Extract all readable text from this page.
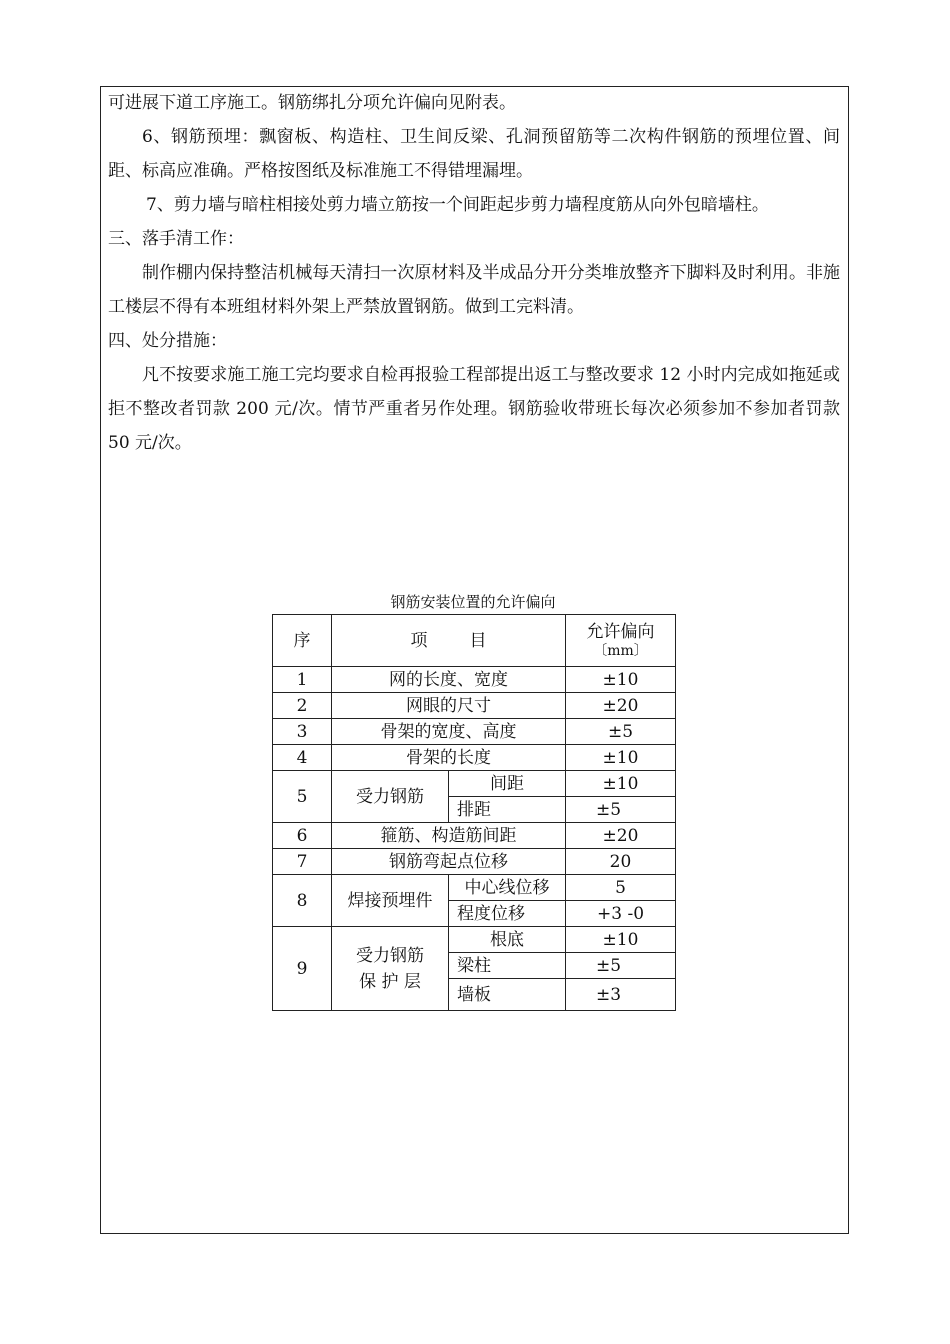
可进展下道工序施工。钢筋绑扎分项允许偏向见附表。

6、钢筋预埋：飘窗板、构造柱、卫生间反梁、孔洞预留筋等二次构件钢筋的预埋位置、间距、标高应准确。严格按图纸及标准施工不得错埋漏埋。

7、剪力墙与暗柱相接处剪力墙立筋按一个间距起步剪力墙程度筋从向外包暗墙柱。

三、落手清工作：

制作棚内保持整洁机械每天清扫一次原材料及半成品分开分类堆放整齐下脚料及时利用。非施工楼层不得有本班组材料外架上严禁放置钢筋。做到工完料清。

四、处分措施：

凡不按要求施工施工完均要求自检再报验工程部提出返工与整改要求 12 小时内完成如拖延或拒不整改者罚款 200 元/次。情节严重者另作处理。钢筋验收带班长每次必须参加不参加者罚款 50 元/次。

钢筋安装位置的允许偏向
序	项 目		允许偏向
〔mm〕

1	网的长度、宽度		±10
2	网眼的尺寸		±20
3	骨架的宽度、高度		±5
4	骨架的长度		±10
5	受力钢筋	间距	±10
		排距	±5
6	箍筋、构造筋间距		±20
7	钢筋弯起点位移		20
8	焊接预埋件	中心线位移	5
		程度位移	+3 -0
9	受力钢筋
保 护 层	根底	±10
		梁柱	±5
		墙板	±3
